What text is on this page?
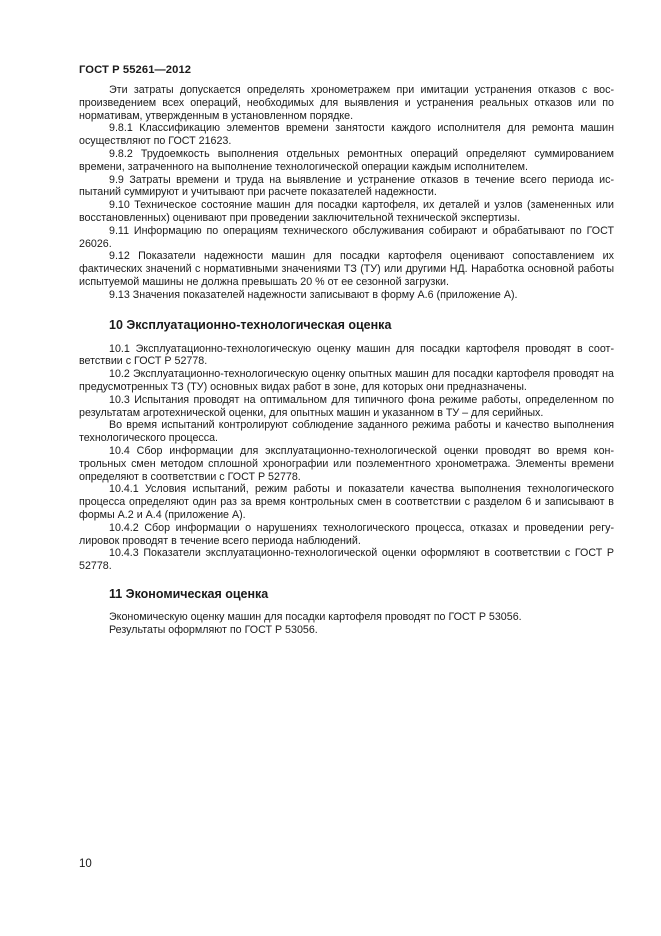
ГОСТ Р 55261—2012

Эти затраты допускается определять хронометражем при имитации устранения отказов с воспроизведением всех операций, необходимых для выявления и устранения реальных отказов или по нормативам, утвержденным в установленном порядке.

9.8.1 Классификацию элементов времени занятости каждого исполнителя для ремонта машин осуществляют по ГОСТ 21623.

9.8.2 Трудоемкость выполнения отдельных ремонтных операций определяют суммированием времени, затраченного на выполнение технологической операции каждым исполнителем.

9.9 Затраты времени и труда на выявление и устранение отказов в течение всего периода испытаний суммируют и учитывают при расчете показателей надежности.

9.10 Техническое состояние машин для посадки картофеля, их деталей и узлов (замененных или восстановленных) оценивают при проведении заключительной технической экспертизы.

9.11 Информацию по операциям технического обслуживания собирают и обрабатывают по ГОСТ 26026.

9.12 Показатели надежности машин для посадки картофеля оценивают сопоставлением их фактических значений с нормативными значениями ТЗ (ТУ) или другими НД. Наработка основной работы испытуемой машины не должна превышать 20 % от ее сезонной загрузки.

9.13 Значения показателей надежности записывают в форму А.6 (приложение А).

10 Эксплуатационно-технологическая оценка

10.1 Эксплуатационно-технологическую оценку машин для посадки картофеля проводят в соответствии с ГОСТ Р 52778.

10.2 Эксплуатационно-технологическую оценку опытных машин для посадки картофеля проводят на предусмотренных ТЗ (ТУ) основных видах работ в зоне, для которых они предназначены.

10.3 Испытания проводят на оптимальном для типичного фона режиме работы, определенном по результатам агротехнической оценки, для опытных машин и указанном в ТУ – для серийных.

Во время испытаний контролируют соблюдение заданного режима работы и качество выполнения технологического процесса.

10.4 Сбор информации для эксплуатационно-технологической оценки проводят во время контрольных смен методом сплошной хронографии или поэлементного хронометража. Элементы времени определяют в соответствии с ГОСТ Р 52778.

10.4.1 Условия испытаний, режим работы и показатели качества выполнения технологического процесса определяют один раз за время контрольных смен в соответствии с разделом 6 и записывают в формы А.2 и А.4 (приложение А).

10.4.2 Сбор информации о нарушениях технологического процесса, отказах и проведении регулировок проводят в течение всего периода наблюдений.

10.4.3 Показатели эксплуатационно-технологической оценки оформляют в соответствии с ГОСТ Р 52778.

11 Экономическая оценка

Экономическую оценку машин для посадки картофеля проводят по ГОСТ Р 53056.

Результаты оформляют по ГОСТ Р 53056.

10
